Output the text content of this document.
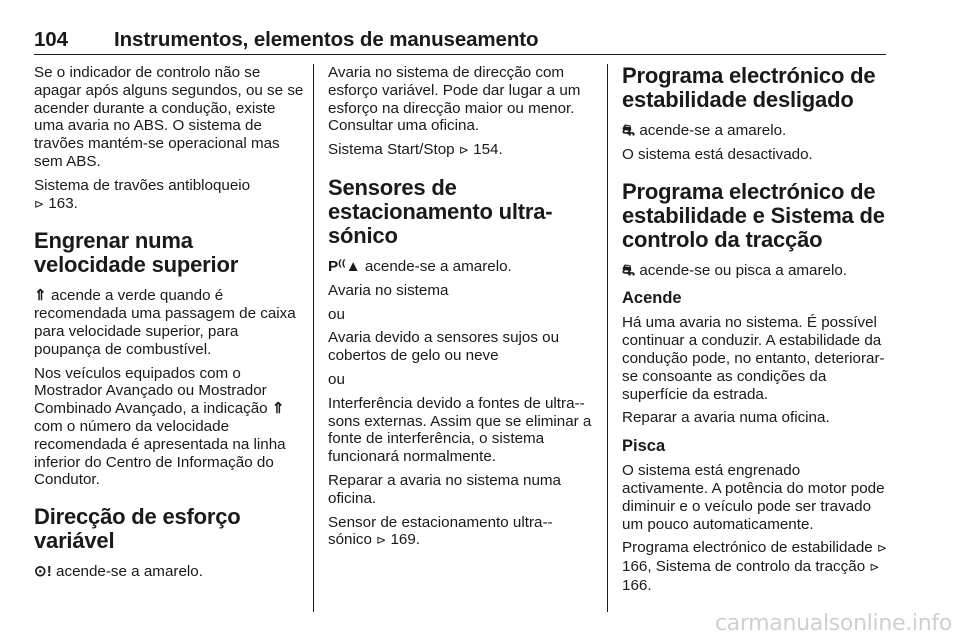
104	Instrumentos, elementos de manuseamento

Se o indicador de controlo não se apagar após alguns segundos, ou se se acender durante a condução, existe uma avaria no ABS. O sistema de travões mantém-se operacional mas sem ABS.

Sistema de travões antibloqueio
⊳ 163.

Engrenar numa velocidade superior

⇑ acende a verde quando é recomendada uma passagem de caixa para velocidade superior, para poupança de combustível.

Nos veículos equipados com o Mostrador Avançado ou Mostrador Combinado Avançado, a indicação ⇑ com o número da velocidade recomendada é apresentada na linha inferior do Centro de Informação do Condutor.

Direcção de esforço variável

⊙! acende-se a amarelo.

Avaria no sistema de direcção com esforço variável. Pode dar lugar a um esforço na direcção maior ou menor. Consultar uma oficina.

Sistema Start/Stop ⊳ 154.

Sensores de estacionamento ultra-sónico

P⁽⁽▲ acende-se a amarelo.

Avaria no sistema

ou

Avaria devido a sensores sujos ou cobertos de gelo ou neve

ou

Interferência devido a fontes de ultra--sons externas. Assim que se eliminar a fonte de interferência, o sistema funcionará normalmente.

Reparar a avaria no sistema numa oficina.

Sensor de estacionamento ultra--sónico ⊳ 169.

Programa electrónico de estabilidade desligado

⛐ acende-se a amarelo.

O sistema está desactivado.

Programa electrónico de estabilidade e Sistema de controlo da tracção

⛐ acende-se ou pisca a amarelo.

Acende

Há uma avaria no sistema. É possível continuar a conduzir. A estabilidade da condução pode, no entanto, deteriorar-se consoante as condições da superfície da estrada.

Reparar a avaria numa oficina.

Pisca

O sistema está engrenado activamente. A potência do motor pode diminuir e o veículo pode ser travado um pouco automaticamente.

Programa electrónico de estabilidade ⊳ 166, Sistema de controlo da tracção ⊳ 166.

carmanualsonline.info
